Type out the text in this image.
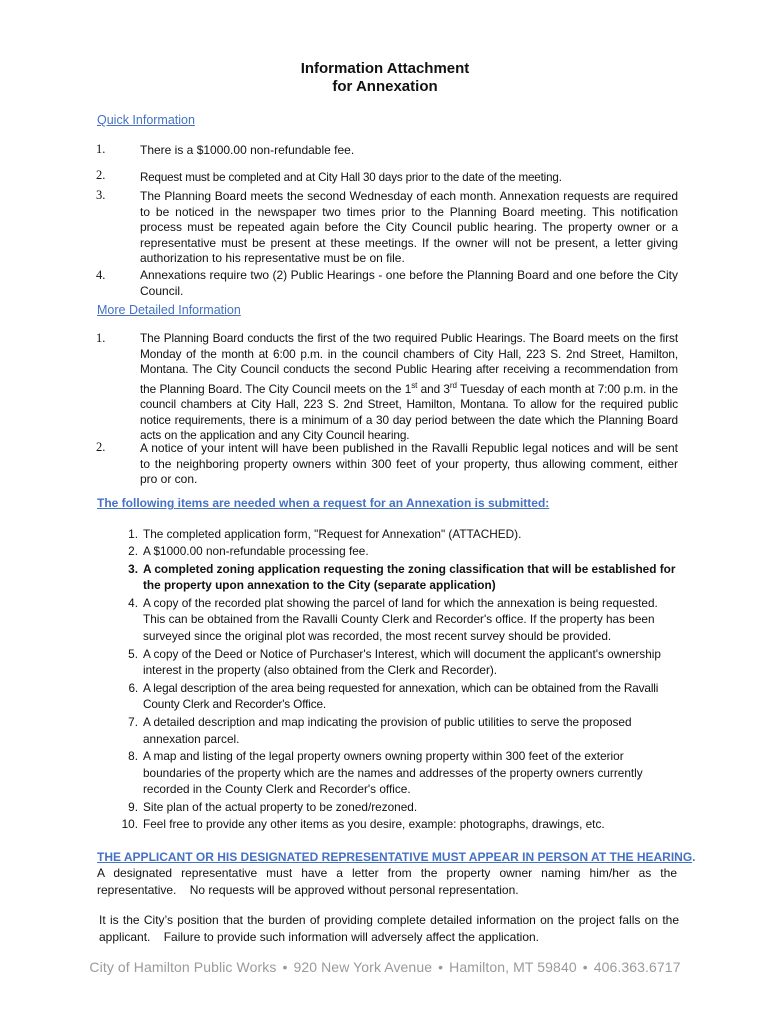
Information Attachment
for Annexation
Quick Information
1.	There is a $1000.00 non-refundable fee.
2.	Request must be completed and at City Hall 30 days prior to the date of the meeting.
3.	The Planning Board meets the second Wednesday of each month. Annexation requests are required to be noticed in the newspaper two times prior to the Planning Board meeting. This notification process must be repeated again before the City Council public hearing. The property owner or a representative must be present at these meetings. If the owner will not be present, a letter giving authorization to his representative must be on file.
4.	Annexations require two (2) Public Hearings - one before the Planning Board and one before the City Council.
More Detailed Information
1.	The Planning Board conducts the first of the two required Public Hearings. The Board meets on the first Monday of the month at 6:00 p.m. in the council chambers of City Hall, 223 S. 2nd Street, Hamilton, Montana. The City Council conducts the second Public Hearing after receiving a recommendation from the Planning Board. The City Council meets on the 1st and 3rd Tuesday of each month at 7:00 p.m. in the council chambers at City Hall, 223 S. 2nd Street, Hamilton, Montana. To allow for the required public notice requirements, there is a minimum of a 30 day period between the date which the Planning Board acts on the application and any City Council hearing.
2.	A notice of your intent will have been published in the Ravalli Republic legal notices and will be sent to the neighboring property owners within 300 feet of your property, thus allowing comment, either pro or con.
The following items are needed when a request for an Annexation is submitted:
1. The completed application form, "Request for Annexation" (ATTACHED).
2. A $1000.00 non-refundable processing fee.
3. A completed zoning application requesting the zoning classification that will be established for the property upon annexation to the City (separate application)
4. A copy of the recorded plat showing the parcel of land for which the annexation is being requested. This can be obtained from the Ravalli County Clerk and Recorder's office. If the property has been surveyed since the original plot was recorded, the most recent survey should be provided.
5. A copy of the Deed or Notice of Purchaser's Interest, which will document the applicant's ownership interest in the property (also obtained from the Clerk and Recorder).
6. A legal description of the area being requested for annexation, which can be obtained from the Ravalli County Clerk and Recorder's Office.
7. A detailed description and map indicating the provision of public utilities to serve the proposed annexation parcel.
8. A map and listing of the legal property owners owning property within 300 feet of the exterior boundaries of the property which are the names and addresses of the property owners currently recorded in the County Clerk and Recorder's office.
9. Site plan of the actual property to be zoned/rezoned.
10. Feel free to provide any other items as you desire, example: photographs, drawings, etc.
THE APPLICANT OR HIS DESIGNATED REPRESENTATIVE MUST APPEAR IN PERSON AT THE HEARING.
A designated representative must have a letter from the property owner naming him/her as the representative.    No requests will be approved without personal representation.
It is the City’s position that the burden of providing complete detailed information on the project falls on the applicant.    Failure to provide such information will adversely affect the application.
City of Hamilton Public Works • 920 New York Avenue • Hamilton, MT 59840 • 406.363.6717
